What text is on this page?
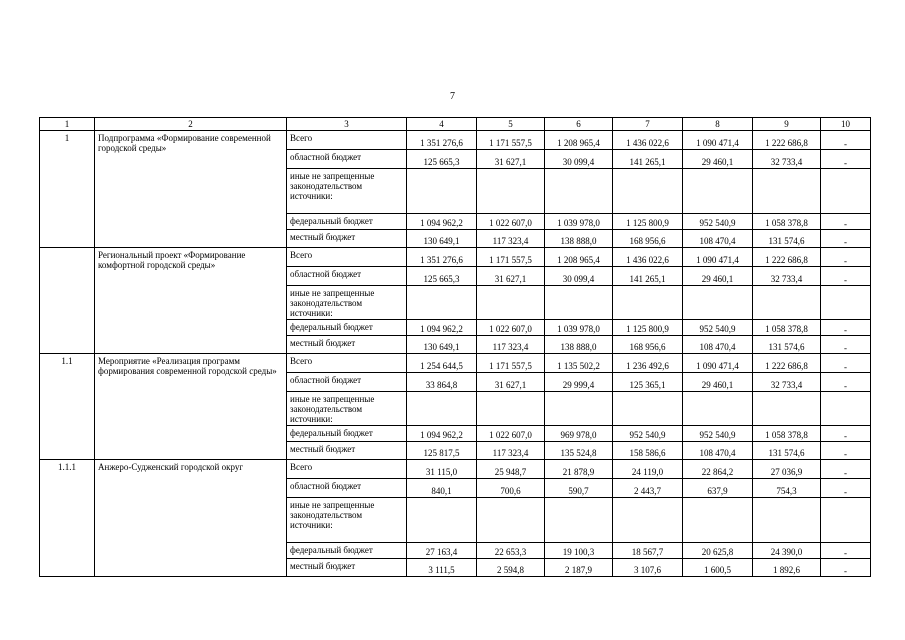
7
1	2	3	4	5	6	7	8	9	10
1	Подпрограмма «Формирование современной городской среды»	Всего	1 351 276,6	1 171 557,5	1 208 965,4	1 436 022,6	1 090 471,4	1 222 686,8	-
		областной бюджет	125 665,3	31 627,1	30 099,4	141 265,1	29 460,1	32 733,4	-
		иные не запрещенные законодательством источники:							
		федеральный бюджет	1 094 962,2	1 022 607,0	1 039 978,0	1 125 800,9	952 540,9	1 058 378,8	-
		местный бюджет	130 649,1	117 323,4	138 888,0	168 956,6	108 470,4	131 574,6	-
	Региональный проект «Формирование комфортной городской среды»	Всего	1 351 276,6	1 171 557,5	1 208 965,4	1 436 022,6	1 090 471,4	1 222 686,8	-
		областной бюджет	125 665,3	31 627,1	30 099,4	141 265,1	29 460,1	32 733,4	-
		иные не запрещенные законодательством источники:							
		федеральный бюджет	1 094 962,2	1 022 607,0	1 039 978,0	1 125 800,9	952 540,9	1 058 378,8	-
		местный бюджет	130 649,1	117 323,4	138 888,0	168 956,6	108 470,4	131 574,6	-
1.1	Мероприятие «Реализация программ формирования современной городской среды»	Всего	1 254 644,5	1 171 557,5	1 135 502,2	1 236 492,6	1 090 471,4	1 222 686,8	-
		областной бюджет	33 864,8	31 627,1	29 999,4	125 365,1	29 460,1	32 733,4	-
		иные не запрещенные законодательством источники:							
		федеральный бюджет	1 094 962,2	1 022 607,0	969 978,0	952 540,9	952 540,9	1 058 378,8	-
		местный бюджет	125 817,5	117 323,4	135 524,8	158 586,6	108 470,4	131 574,6	-
1.1.1	Анжеро-Судженский городской округ	Всего	31 115,0	25 948,7	21 878,9	24 119,0	22 864,2	27 036,9	-
		областной бюджет	840,1	700,6	590,7	2 443,7	637,9	754,3	-
		иные не запрещенные законодательством источники:							
		федеральный бюджет	27 163,4	22 653,3	19 100,3	18 567,7	20 625,8	24 390,0	-
		местный бюджет	3 111,5	2 594,8	2 187,9	3 107,6	1 600,5	1 892,6	-
